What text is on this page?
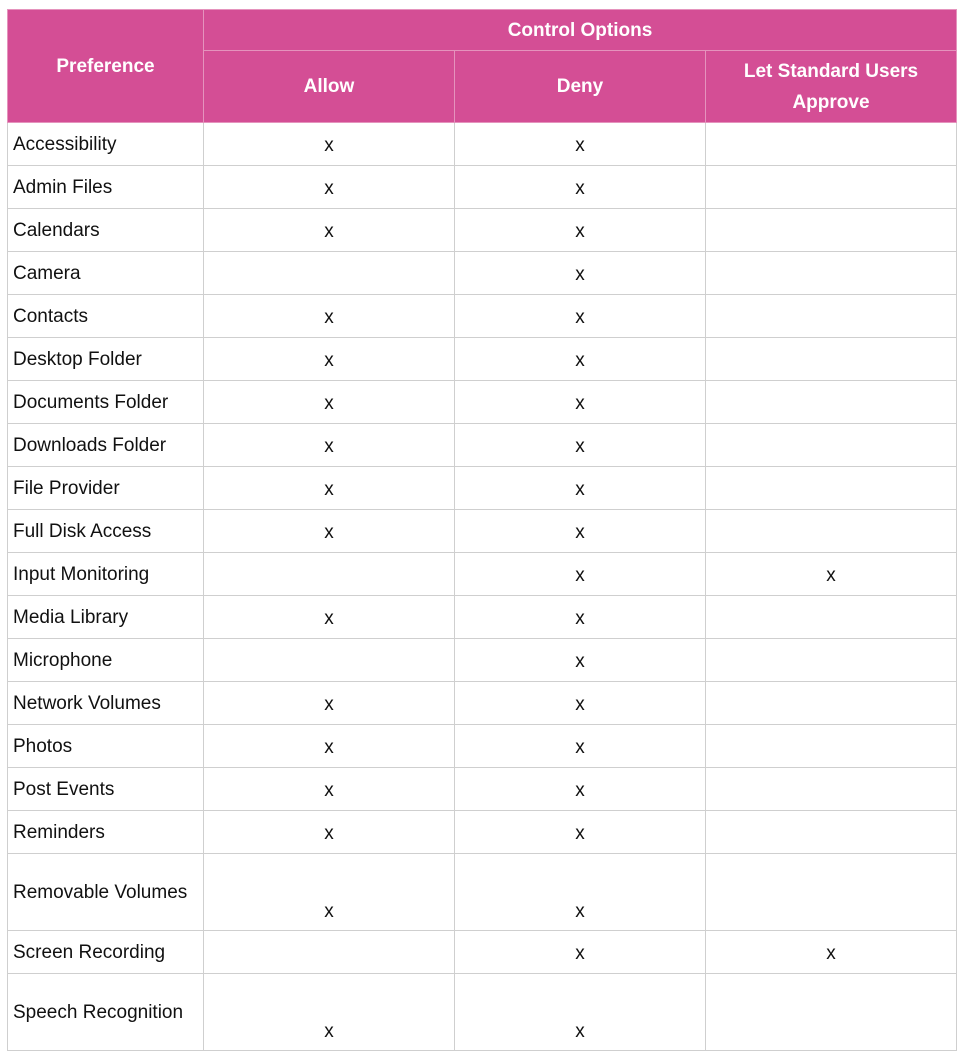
Preference	Control Options		
	Allow	Deny	Let Standard Users Approve
Accessibility	x	x	
Admin Files	x	x	
Calendars	x	x	
Camera		x	
Contacts	x	x	
Desktop Folder	x	x	
Documents Folder	x	x	
Downloads Folder	x	x	
File Provider	x	x	
Full Disk Access	x	x	
Input Monitoring		x	x
Media Library	x	x	
Microphone		x	
Network Volumes	x	x	
Photos	x	x	
Post Events	x	x	
Reminders	x	x	
Removable Volumes	x	x	
Screen Recording		x	x
Speech Recognition	x	x	
